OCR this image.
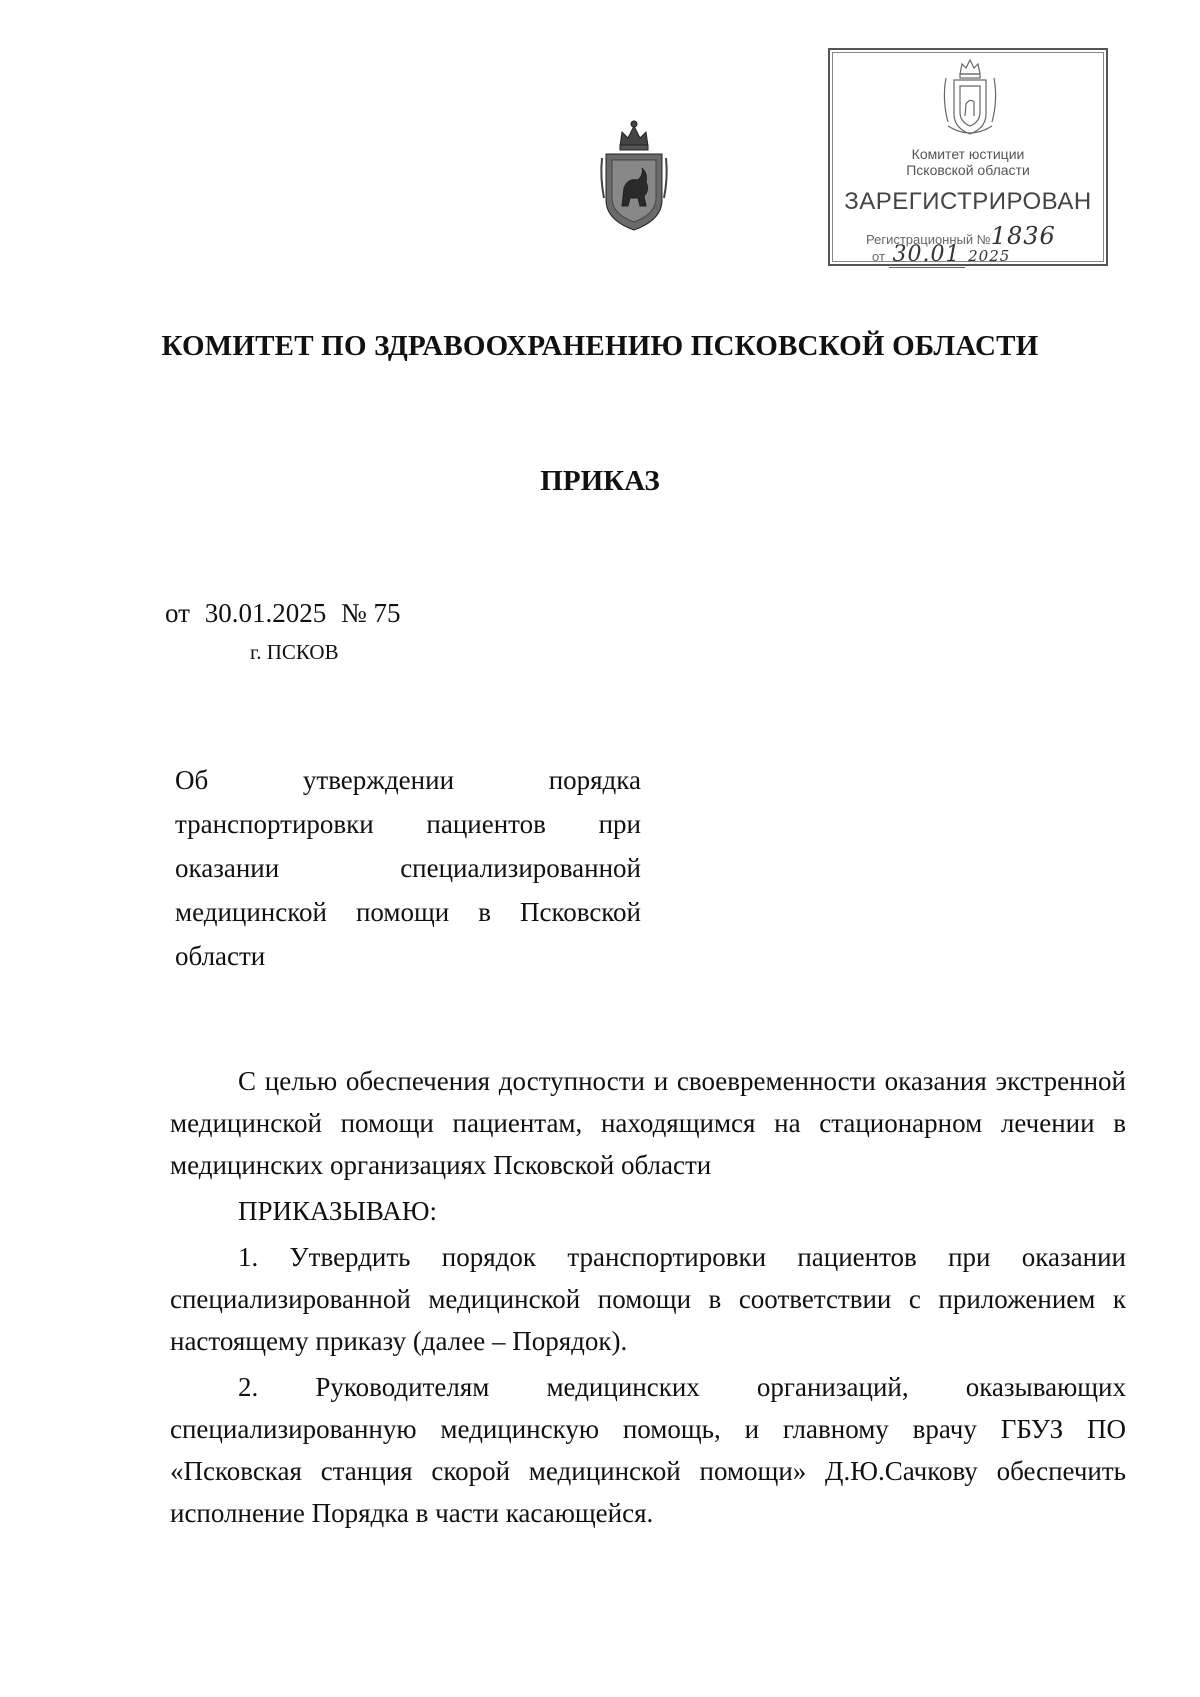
Комитет юстиции
Псковской области
ЗАРЕГИСТРИРОВАН
Регистрационный №1836
от 30.01 2025
КОМИТЕТ ПО ЗДРАВООХРАНЕНИЮ ПСКОВСКОЙ ОБЛАСТИ
ПРИКАЗ
от 30.01.2025 № 75
г. ПСКОВ
Об утверждении порядка транспортировки пациентов при оказании специализированной медицинской помощи в Псковской
области

С целью обеспечения доступности и своевременности оказания экстренной медицинской помощи пациентам, находящимся на стационарном лечении в медицинских организациях Псковской области

ПРИКАЗЫВАЮ:

1. Утвердить порядок транспортировки пациентов при оказании специализированной медицинской помощи в соответствии с приложением к настоящему приказу (далее – Порядок).

2. Руководителям медицинских организаций, оказывающих специализированную медицинскую помощь, и главному врачу ГБУЗ ПО «Псковская станция скорой медицинской помощи» Д.Ю.Сачкову обеспечить исполнение Порядка в части касающейся.
